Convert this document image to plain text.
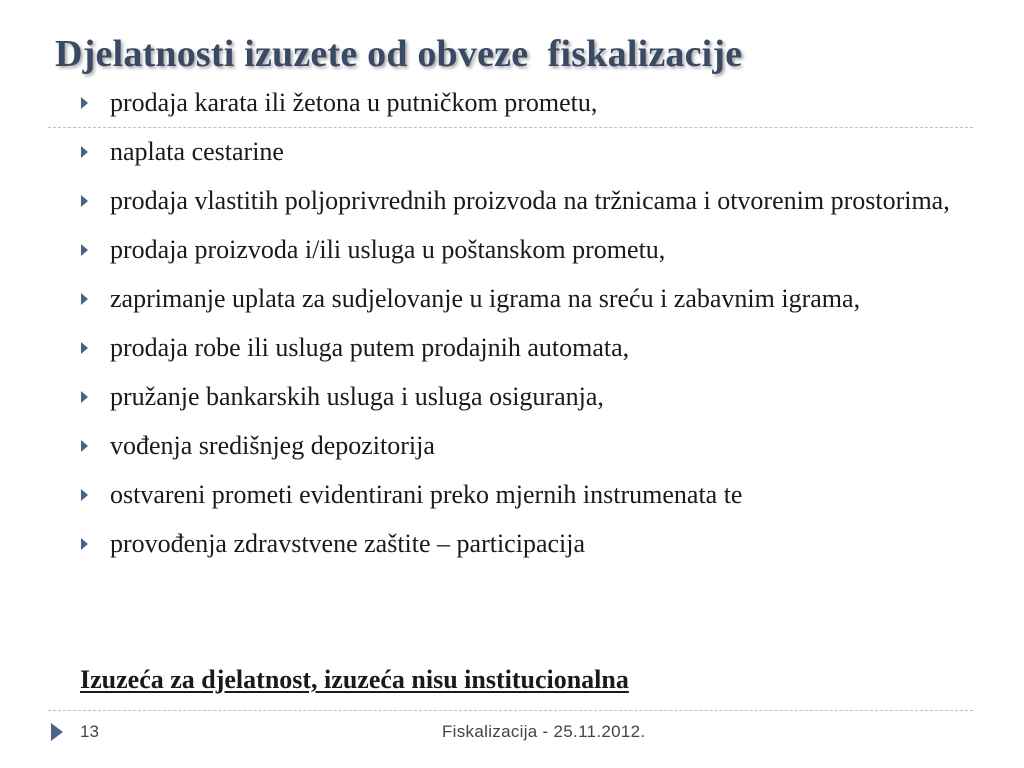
Djelatnosti izuzete od obveze  fiskalizacije
prodaja karata ili žetona u putničkom prometu,
naplata cestarine
prodaja vlastitih poljoprivrednih proizvoda na tržnicama i otvorenim prostorima,
prodaja proizvoda i/ili usluga u poštanskom prometu,
zaprimanje uplata za sudjelovanje u igrama na sreću i zabavnim igrama,
prodaja robe ili usluga putem prodajnih automata,
pružanje bankarskih usluga i usluga osiguranja,
vođenja središnjeg depozitorija
ostvareni prometi evidentirani preko mjernih instrumenata te
provođenja zdravstvene zaštite – participacija

Izuzeća za djelatnost, izuzeća nisu institucionalna

13	Fiskalizacija - 25.11.2012.
